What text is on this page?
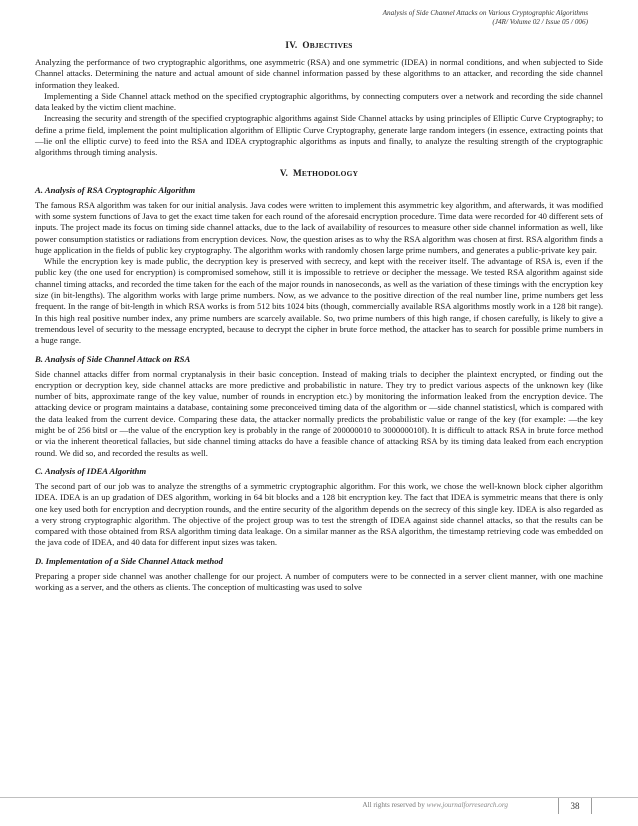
Analysis of Side Channel Attacks on Various Cryptographic Algorithms
(J4R/ Volume 02 / Issue 05 / 006)
IV. OBJECTIVES

Analyzing the performance of two cryptographic algorithms, one asymmetric (RSA) and one symmetric (IDEA) in normal conditions, and when subjected to Side Channel attacks. Determining the nature and actual amount of side channel information passed by these algorithms to an attacker, and recording the side channel information they leaked.

Implementing a Side Channel attack method on the specified cryptographic algorithms, by connecting computers over a network and recording the side channel data leaked by the victim client machine.

Increasing the security and strength of the specified cryptographic algorithms against Side Channel attacks by using principles of Elliptic Curve Cryptography; to define a prime field, implement the point multiplication algorithm of Elliptic Curve Cryptography, generate large random integers (in essence, extracting points that ―lie onǁ the elliptic curve) to feed into the RSA and IDEA cryptographic algorithms as inputs and finally, to analyze the resulting strength of the cryptographic algorithms through timing analysis.

V. METHODOLOGY
A. Analysis of RSA Cryptographic Algorithm

The famous RSA algorithm was taken for our initial analysis. Java codes were written to implement this asymmetric key algorithm, and afterwards, it was modified with some system functions of Java to get the exact time taken for each round of the aforesaid encryption procedure. Time data were recorded for 40 different sets of inputs. The project made its focus on timing side channel attacks, due to the lack of availability of resources to measure other side channel information as well, like power consumption statistics or radiations from encryption devices. Now, the question arises as to why the RSA algorithm was chosen at first. RSA algorithm finds a huge application in the fields of public key cryptography. The algorithm works with randomly chosen large prime numbers, and generates a public-private key pair.

While the encryption key is made public, the decryption key is preserved with secrecy, and kept with the receiver itself. The advantage of RSA is, even if the public key (the one used for encryption) is compromised somehow, still it is impossible to retrieve or decipher the message. We tested RSA algorithm against side channel timing attacks, and recorded the time taken for the each of the major rounds in nanoseconds, as well as the variation of these timings with the encryption key size (in bit-lengths). The algorithm works with large prime numbers. Now, as we advance to the positive direction of the real number line, prime numbers get less frequent. In the range of bit-length in which RSA works is from 512 bits 1024 bits (though, commercially available RSA algorithms mostly work in a 128 bit range). In this high real positive number index, any prime numbers are scarcely available. So, two prime numbers of this high range, if chosen carefully, is likely to give a tremendous level of security to the message encrypted, because to decrypt the cipher in brute force method, the attacker has to search for possible prime numbers in a huge range.

B. Analysis of Side Channel Attack on RSA

Side channel attacks differ from normal cryptanalysis in their basic conception. Instead of making trials to decipher the plaintext encrypted, or finding out the encryption or decryption key, side channel attacks are more predictive and probabilistic in nature. They try to predict various aspects of the unknown key (like number of bits, approximate range of the key value, number of rounds in encryption etc.) by monitoring the information leaked from the encryption device. The attacking device or program maintains a database, containing some preconceived timing data of the algorithm or ―side channel statisticsǁ, which is compared with the data leaked from the current device. Comparing these data, the attacker normally predicts the probabilistic value or range of the key (for example: ―the key might be of 256 bitsǁ or ―the value of the encryption key is probably in the range of 200000010 to 300000010ǁ). It is difficult to attack RSA in brute force method or via the inherent theoretical fallacies, but side channel timing attacks do have a feasible chance of attacking RSA by its timing data leaked from each encryption round. We did so, and recorded the results as well.

C. Analysis of IDEA Algorithm

The second part of our job was to analyze the strengths of a symmetric cryptographic algorithm. For this work, we chose the well-known block cipher algorithm IDEA. IDEA is an up gradation of DES algorithm, working in 64 bit blocks and a 128 bit encryption key. The fact that IDEA is symmetric means that there is only one key used both for encryption and decryption rounds, and the entire security of the algorithm depends on the secrecy of this single key. IDEA is also regarded as a very strong cryptographic algorithm. The objective of the project group was to test the strength of IDEA against side channel attacks, so that the results can be compared with those obtained from RSA algorithm timing data leakage. On a similar manner as the RSA algorithm, the timestamp retrieving code was embedded on the java code of IDEA, and 40 data for different input sizes was taken.

D. Implementation of a Side Channel Attack method

Preparing a proper side channel was another challenge for our project. A number of computers were to be connected in a server client manner, with one machine working as a server, and the others as clients. The conception of multicasting was used to solve

All rights reserved by www.journalforresearch.org	38
